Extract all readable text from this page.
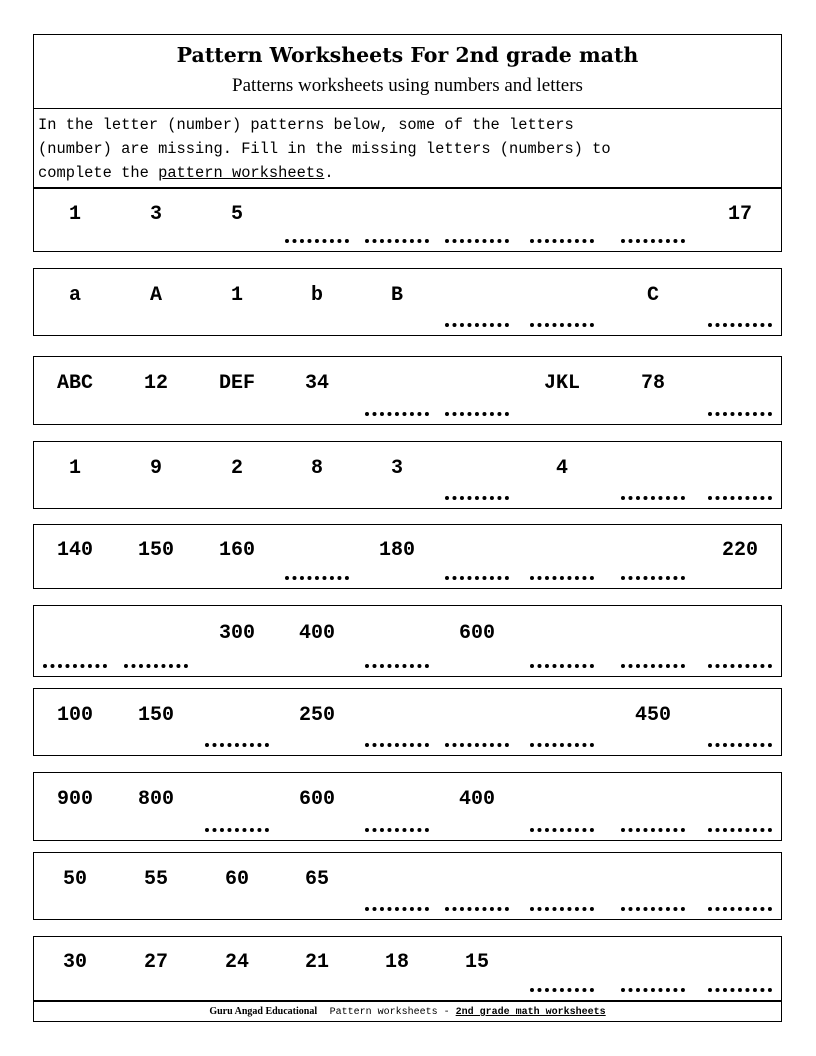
Pattern Worksheets For 2nd grade math
Patterns worksheets using numbers and letters
In the letter (number) patterns below, some of the letters
(number) are missing. Fill in the missing letters (numbers) to
complete the pattern worksheets.
1	3	5	17
a	A	1	b	B	C
ABC	12	DEF	34	JKL	78
1	9	2	8	3	4
140	150	160	180	220
300	400	600
100	150	250	450
900	800	600	400
50	55	60	65
30	27	24	21	18	15
Guru Angad Educational Pattern worksheets - 2nd grade math worksheets
